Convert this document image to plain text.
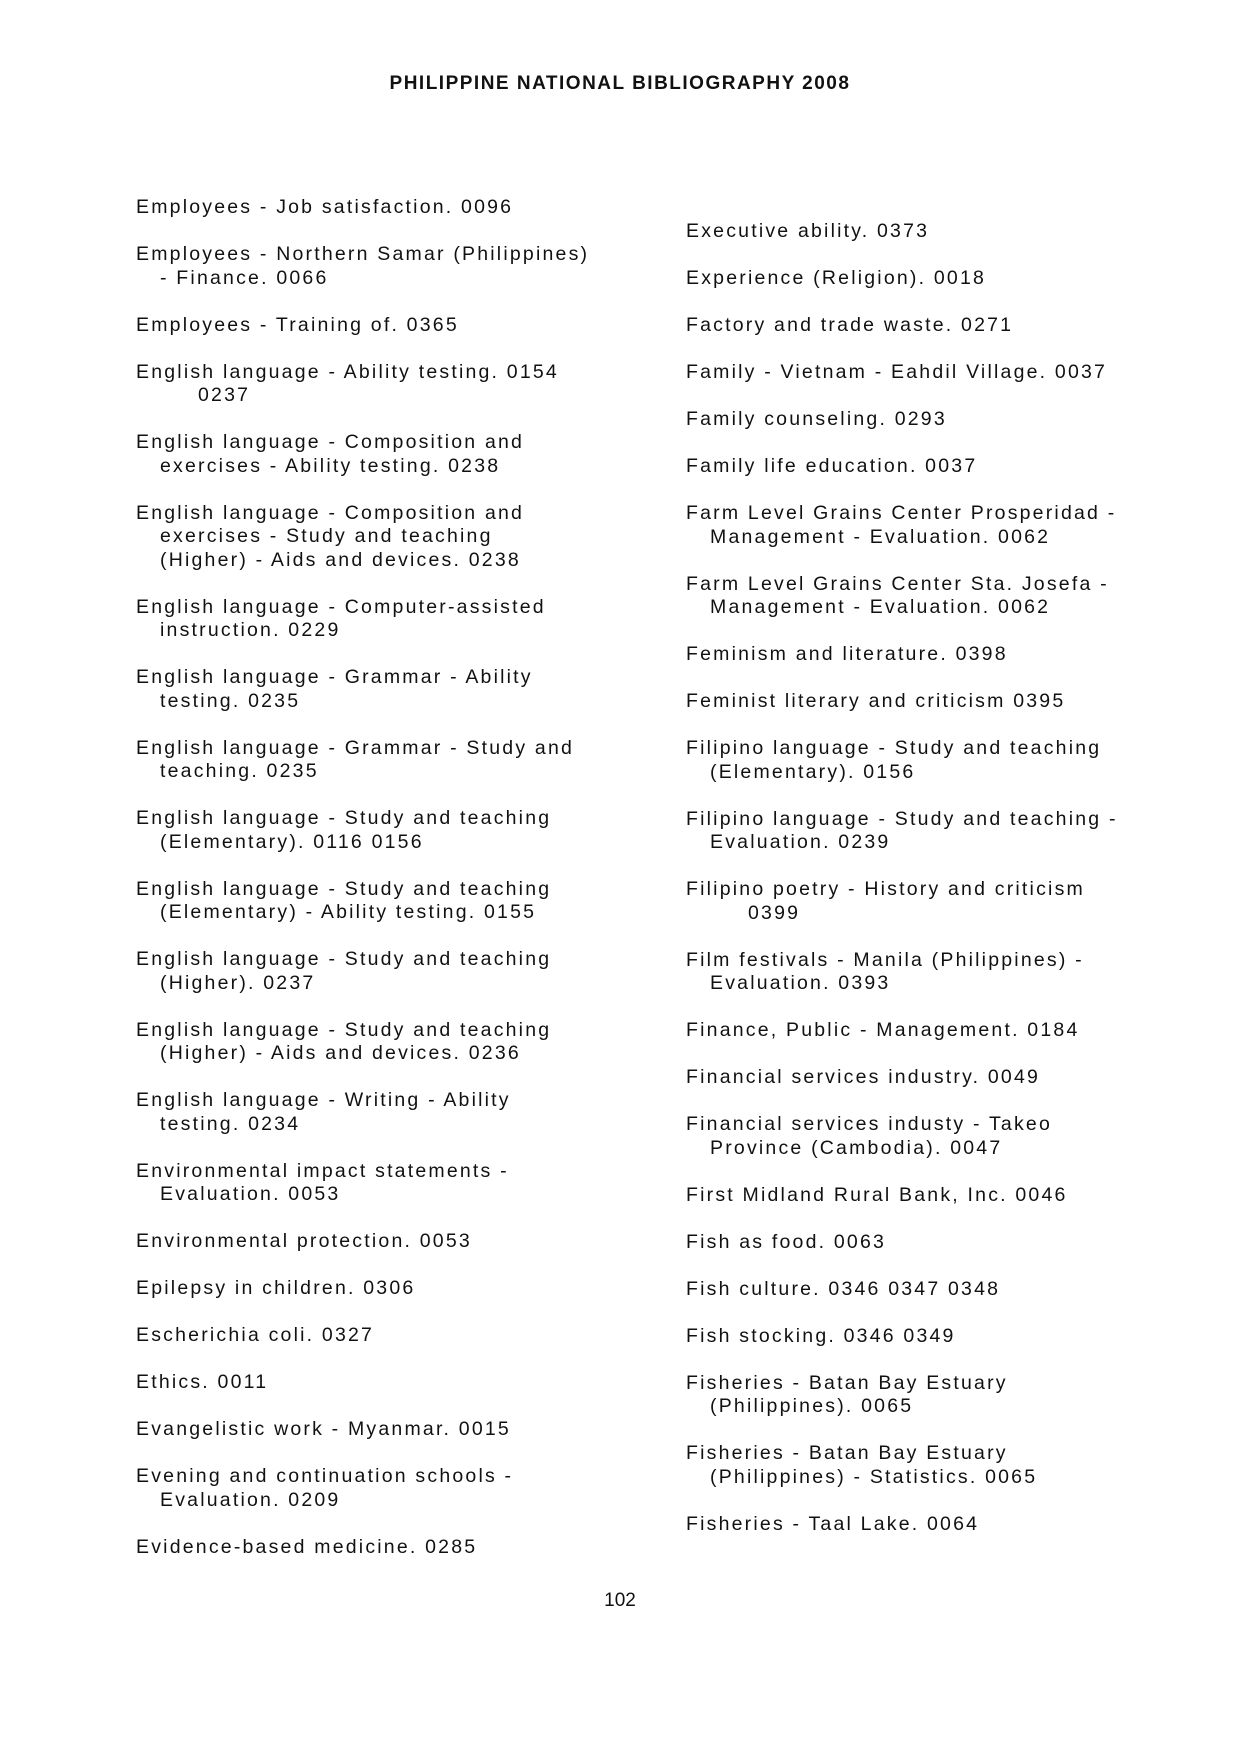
PHILIPPINE NATIONAL BIBLIOGRAPHY 2008
Employees - Job satisfaction. 0096
Employees - Northern Samar (Philippines)
- Finance. 0066
Employees - Training of. 0365
English language - Ability testing. 0154
0237
English language - Composition and
exercises - Ability testing. 0238
English language - Composition and
exercises - Study and teaching
(Higher) - Aids and devices. 0238
English language - Computer-assisted
instruction. 0229
English language - Grammar - Ability
testing. 0235
English language - Grammar - Study and
teaching. 0235
English language - Study and teaching
(Elementary). 0116 0156
English language - Study and teaching
(Elementary) - Ability testing. 0155
English language - Study and teaching
(Higher). 0237
English language - Study and teaching
(Higher) - Aids and devices. 0236
English language - Writing - Ability
testing. 0234
Environmental impact statements -
Evaluation. 0053
Environmental protection. 0053
Epilepsy in children. 0306
Escherichia coli. 0327
Ethics. 0011
Evangelistic work - Myanmar. 0015
Evening and continuation schools -
Evaluation. 0209
Evidence-based medicine. 0285
Executive ability. 0373
Experience (Religion). 0018
Factory and trade waste. 0271
Family - Vietnam - Eahdil Village. 0037
Family counseling. 0293
Family life education. 0037
Farm Level Grains Center Prosperidad -
Management - Evaluation. 0062
Farm Level Grains Center Sta. Josefa -
Management - Evaluation. 0062
Feminism and literature. 0398
Feminist literary and criticism 0395
Filipino language - Study and teaching
(Elementary). 0156
Filipino language - Study and teaching -
Evaluation. 0239
Filipino poetry - History and criticism
0399
Film festivals - Manila (Philippines) -
Evaluation. 0393
Finance, Public - Management. 0184
Financial services industry. 0049
Financial services industy - Takeo
Province (Cambodia). 0047
First Midland Rural Bank, Inc. 0046
Fish as food. 0063
Fish culture. 0346 0347 0348
Fish stocking. 0346 0349
Fisheries - Batan Bay Estuary
(Philippines). 0065
Fisheries - Batan Bay Estuary
(Philippines) - Statistics. 0065
Fisheries - Taal Lake. 0064
102
